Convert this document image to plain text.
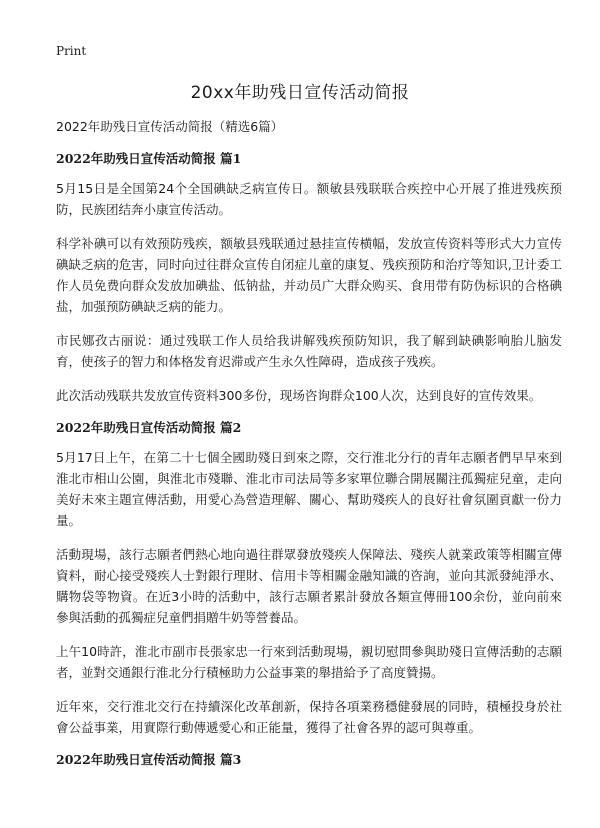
Print
20xx年助残日宣传活动简报

2022年助残日宣传活动简报（精选6篇）

2022年助残日宣传活动简报 篇1

5月15日是全国第24个全国碘缺乏病宣传日。额敏县残联联合疾控中心开展了推进残疾预防，民族团结奔小康宣传活动。

科学补碘可以有效预防残疾，额敏县残联通过悬挂宣传横幅，发放宣传资料等形式大力宣传碘缺乏病的危害，同时向过往群众宣传自闭症儿童的康复、残疾预防和治疗等知识,卫计委工作人员免费向群众发放加碘盐、低钠盐，并动员广大群众购买、食用带有防伪标识的合格碘盐，加强预防碘缺乏病的能力。

市民娜孜古丽说：通过残联工作人员给我讲解残疾预防知识，我了解到缺碘影响胎儿脑发育，使孩子的智力和体格发育迟滞或产生永久性障碍，造成孩子残疾。

此次活动残联共发放宣传资料300多份，现场咨询群众100人次，达到良好的宣传效果。

2022年助残日宣传活动简报 篇2

5月17日上午，在第二十七個全國助殘日到來之際，交行淮北分行的青年志願者們早早來到淮北市相山公園，與淮北市殘聯、淮北市司法局等多家單位聯合開展關注孤獨症兒童，走向美好未來主題宣傳活動，用愛心為營造理解、關心、幫助殘疾人的良好社會氛圍貢獻一份力量。

活動現場，該行志願者們熱心地向過往群眾發放殘疾人保障法、殘疾人就業政策等相關宣傳資料，耐心接受殘疾人士對銀行理財、信用卡等相關金融知識的咨詢，並向其派發純淨水、購物袋等物資。在近3小時的活動中，該行志願者累計發放各類宣傳冊100余份，並向前來參與活動的孤獨症兒童們捐贈牛奶等營養品。

上午10時許，淮北市副市長張家忠一行來到活動現場，親切慰問參與助殘日宣傳活動的志願者，並對交通銀行淮北分行積極助力公益事業的舉措給予了高度贊揚。

近年來，交行淮北交行在持續深化改革創新，保持各項業務穩健發展的同時，積極投身於社會公益事業，用實際行動傳遞愛心和正能量，獲得了社會各界的認可與尊重。

2022年助残日宣传活动简报 篇3
